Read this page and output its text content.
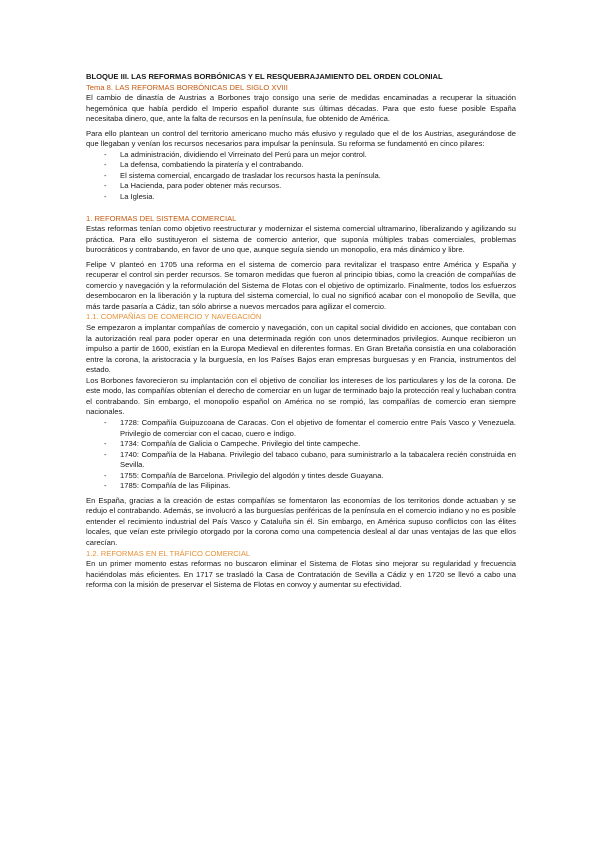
BLOQUE III. LAS REFORMAS BORBÓNICAS Y EL RESQUEBRAJAMIENTO DEL ORDEN COLONIAL

Tema 8. LAS REFORMAS BORBÓNICAS DEL SIGLO XVIII

El cambio de dinastía de Austrias a Borbones trajo consigo una serie de medidas encaminadas a recuperar la situación hegemónica que había perdido el Imperio español durante sus últimas décadas. Para que esto fuese posible España necesitaba dinero, que, ante la falta de recursos en la península, fue obtenido de América.

Para ello plantean un control del territorio americano mucho más efusivo y regulado que el de los Austrias, asegurándose de que llegaban y venían los recursos necesarios para impulsar la península. Su reforma se fundamentó en cinco pilares:

- La administración, dividiendo el Virreinato del Perú para un mejor control.
- La defensa, combatiendo la piratería y el contrabando.
- El sistema comercial, encargado de trasladar los recursos hasta la península.
- La Hacienda, para poder obtener más recursos.
- La Iglesia.

1. REFORMAS DEL SISTEMA COMERCIAL

Estas reformas tenían como objetivo reestructurar y modernizar el sistema comercial ultramarino, liberalizando y agilizando su práctica. Para ello sustituyeron el sistema de comercio anterior, que suponía múltiples trabas comerciales, problemas burocráticos y contrabando, en favor de uno que, aunque seguía siendo un monopolio, era más dinámico y libre.

Felipe V planteó en 1705 una reforma en el sistema de comercio para revitalizar el traspaso entre América y España y recuperar el control sin perder recursos. Se tomaron medidas que fueron al principio tibias, como la creación de compañías de comercio y navegación y la reformulación del Sistema de Flotas con el objetivo de optimizarlo. Finalmente, todos los esfuerzos desembocaron en la liberación y la ruptura del sistema comercial, lo cual no significó acabar con el monopolio de Sevilla, que más tarde pasaría a Cádiz, tan sólo abrirse a nuevos mercados para agilizar el comercio.

1.1. COMPAÑÍAS DE COMERCIO Y NAVEGACIÓN

Se empezaron a implantar compañías de comercio y navegación, con un capital social dividido en acciones, que contaban con la autorización real para poder operar en una determinada región con unos determinados privilegios. Aunque recibieron un impulso a partir de 1600, existían en la Europa Medieval en diferentes formas. En Gran Bretaña consistía en una colaboración entre la corona, la aristocracia y la burguesía, en los Países Bajos eran empresas burguesas y en Francia, instrumentos del estado.

Los Borbones favorecieron su implantación con el objetivo de conciliar los intereses de los particulares y los de la corona. De este modo, las compañías obtenían el derecho de comerciar en un lugar de terminado bajo la protección real y luchaban contra el contrabando. Sin embargo, el monopolio español on América no se rompió, las compañías de comercio eran siempre nacionales.

- 1728: Compañía Guipuzcoana de Caracas. Con el objetivo de fomentar el comercio entre País Vasco y Venezuela. Privilegio de comerciar con el cacao, cuero e índigo.
- 1734: Compañía de Galicia o Campeche. Privilegio del tinte campeche.
- 1740: Compañía de la Habana. Privilegio del tabaco cubano, para suministrarlo a la tabacalera recién construida en Sevilla.
- 1755: Compañía de Barcelona. Privilegio del algodón y tintes desde Guayana.
- 1785: Compañía de las Filipinas.

En España, gracias a la creación de estas compañías se fomentaron las economías de los territorios donde actuaban y se redujo el contrabando. Además, se involucró a las burguesías periféricas de la península en el comercio indiano y no es posible entender el recimiento industrial del País Vasco y Cataluña sin él. Sin embargo, en América supuso conflictos con las élites locales, que veían este privilegio otorgado por la corona como una competencia desleal al dar unas ventajas de las que ellos carecían.

1.2. REFORMAS EN EL TRÁFICO COMERCIAL

En un primer momento estas reformas no buscaron eliminar el Sistema de Flotas sino mejorar su regularidad y frecuencia haciéndolas más eficientes. En 1717 se trasladó la Casa de Contratación de Sevilla a Cádiz y en 1720 se llevó a cabo una reforma con la misión de preservar el Sistema de Flotas en convoy y aumentar su efectividad.
